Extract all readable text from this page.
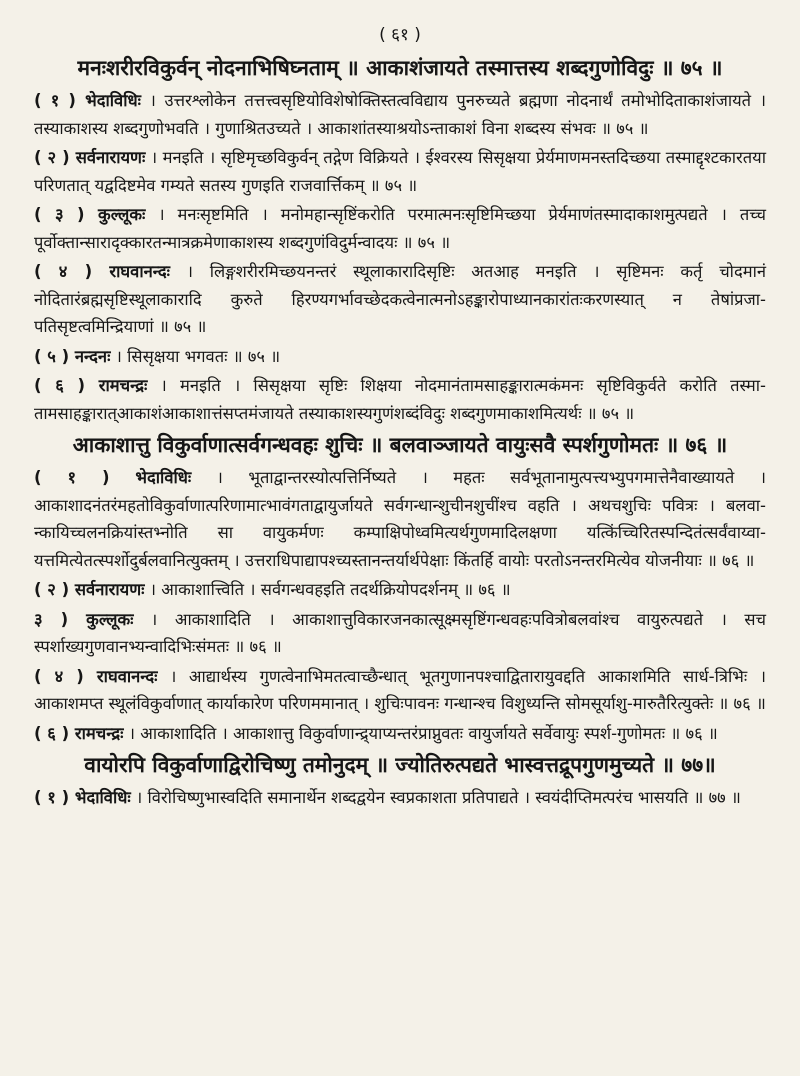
( ६१ )
मनःशरीरविकुर्वन् नोदनाभिषिघ्नताम् ॥ आकाशंजायते तस्मात्तस्य शब्दगुणोविदुः ॥ ७५ ॥

( १ ) भेदाविधिः । उत्तरश्लोकेन तत्तत्त्वसृष्टियोविशेषोक्तिस्तत्वविद्याय पुनरुच्यते ब्रह्मणा नोदनार्थं तमोभोदिताकाशंजायते । तस्याकाशस्य शब्दगुणोभवति । गुणाश्रितउच्यते । आकाशांतस्याश्रयोऽन्ताकाशं विना शब्दस्य संभवः ॥ ७५ ॥

( २ ) सर्वनारायणः । मनइति । सृष्टिमृच्छविकुर्वन् तद्गेण विक्रियते । ईश्वरस्य सिसृक्षया प्रेर्यमाणमनस्तदिच्छया तस्माद्दृश्टकारतया परिणतात् यद्वदिष्टमेव गम्यते सतस्य गुणइति राजवार्त्तिकम् ॥ ७५ ॥

( ३ ) कुल्लूकः । मनःसृष्टमिति । मनोमहान्सृष्टिंकरोति परमात्मनःसृष्टिमिच्छया प्रेर्यमाणंतस्मादाकाशमुत्पद्यते । तच्च पूर्वोक्तान्सारादृक्कारतन्मात्रक्रमेणाकाशस्य शब्दगुणंविदुर्मन्वादयः ॥ ७५ ॥

( ४ ) राघवानन्दः । लिङ्गशरीरमिच्छयनन्तरं स्थूलाकारादिसृष्टिः अतआह मनइति । सृष्टिमनः कर्तृ चोदमानं नोदितारंब्रह्मसृष्टिस्थूलाकारादि कुरुते हिरण्यगर्भावच्छेदकत्वेनात्मनोऽहङ्कारोपाध्यानकारांतःकरणस्यात् न तेषांप्रजा-पतिसृष्टत्वमिन्द्रियाणां ॥ ७५ ॥

( ५ ) नन्दनः । सिसृक्षया भगवतः ॥ ७५ ॥

( ६ ) रामचन्द्रः । मनइति । सिसृक्षया सृष्टिः शिक्षया नोदमानंतामसाहङ्कारात्मकंमनः सृष्टिविकुर्वते करोति तस्मा-तामसाहङ्कारात्आकाशंआकाशात्तंसप्तमंजायते तस्याकाशस्यगुणंशब्दंविदुः शब्दगुणमाकाशमित्यर्थः ॥ ७५ ॥

आकाशात्तु विकुर्वाणात्सर्वगन्धवहः शुचिः ॥ बलवाञ्जायते वायुःसवै स्पर्शगुणोमतः ॥ ७६ ॥

( १ ) भेदाविधिः । भूताद्वान्तरस्योत्पत्तिर्निष्यते । महतः सर्वभूतानामुत्पत्त्यभ्युपगमात्तेनैवाख्यायते । आकाशादनंतरंमहतोविकुर्वाणात्परिणामात्भावंगताद्वायुर्जायते सर्वगन्धान्शुचीनशुचींश्च वहति । अथचशुचिः पवित्रः । बलवा-न्कायिच्चलनक्रियांस्तभ्नोति सा वायुकर्मणः कम्पाक्षिपोध्वमित्यर्थगुणमादिलक्षणा यत्किंच्चिरितस्पन्दितंत्सर्वंवाय्वा-यत्तमित्येतत्स्पर्शोदुर्बलवानित्युक्तम् । उत्तराधिपाद्यापश्च्यस्तानन्तर्यार्थपेक्षाः किंतर्हि वायोः परतोऽनन्तरमित्येव योजनीयाः ॥ ७६ ॥

( २ ) सर्वनारायणः । आकाशात्त्विति । सर्वगन्धवहइति तदर्थक्रियोपदर्शनम् ॥ ७६ ॥

३ ) कुल्लूकः । आकाशादिति । आकाशात्तुविकारजनकात्सूक्ष्मसृष्टिंगन्धवहःपवित्रोबलवांश्च वायुरुत्पद्यते । सच स्पर्शाख्यगुणवानभ्यन्वादिभिःसंमतः ॥ ७६ ॥

( ४ ) राघवानन्दः । आद्यार्थस्य गुणत्वेनाभिमतत्वाच्छैन्धात् भूतगुणानपश्चाद्वितारायुवद्दति आकाशमिति सार्ध-त्रिभिः । आकाशमप्त स्थूलंविकुर्वाणात् कार्याकारेण परिणममानात् । शुचिःपावनः गन्धान्श्च विशुध्यन्ति सोमसूर्याशु-मारुतैरित्युक्तेः ॥ ७६ ॥

( ६ ) रामचन्द्रः । आकाशादिति । आकाशात्तु विकुर्वाणान्द्र्याप्यन्तरंप्राप्नुवतः वायुर्जायते सर्वेवायुः स्पर्श-गुणोमतः ॥ ७६ ॥

वायोरपि विकुर्वाणाद्विरोचिष्णु तमोनुदम् ॥ ज्योतिरुत्पद्यते भास्वत्तद्रूपगुणमुच्यते ॥ ७७॥

( १ ) भेदाविधिः । विरोचिष्णुभास्वदिति समानार्थेन शब्दद्वयेन स्वप्रकाशता प्रतिपाद्यते । स्वयंदीप्तिमत्परंच भासयति ॥ ७७ ॥
